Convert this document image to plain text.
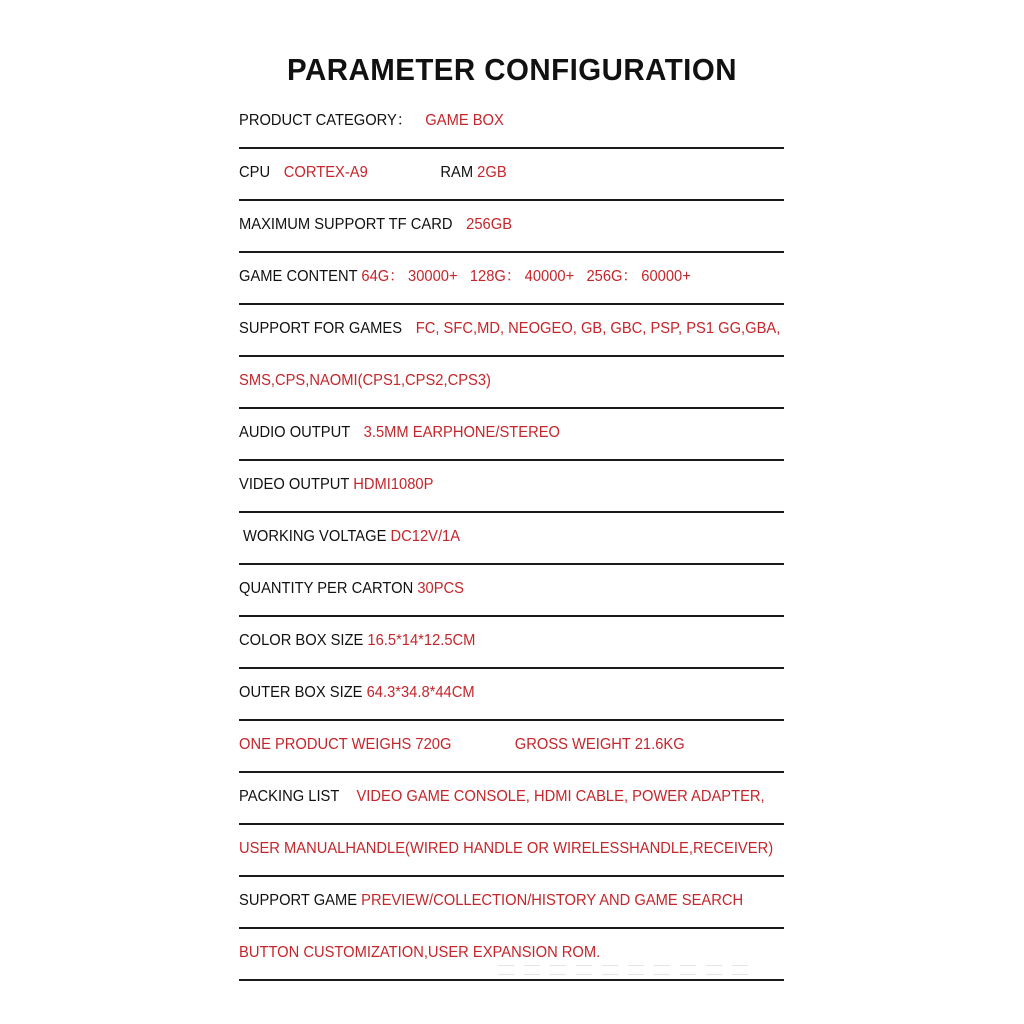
PARAMETER CONFIGURATION
PRODUCT CATEGORY： GAME BOX
CPU CORTEX-A9	RAM 2GB
MAXIMUM SUPPORT TF CARD 256GB
GAME CONTENT 64G： 30000+   128G： 40000+   256G： 60000+
SUPPORT FOR GAMES FC, SFC,MD, NEOGEO, GB, GBC, PSP, PS1 GG,GBA,
SMS,CPS,NAOMI(CPS1,CPS2,CPS3)
AUDIO OUTPUT 3.5MM EARPHONE/STEREO
VIDEO OUTPUT HDMI1080P
WORKING VOLTAGE DC12V/1A
QUANTITY PER CARTON 30PCS
COLOR BOX SIZE 16.5*14*12.5CM
OUTER BOX SIZE 64.3*34.8*44CM
ONE PRODUCT WEIGHS 720G	GROSS WEIGHT 21.6KG
PACKING LIST VIDEO GAME CONSOLE, HDMI CABLE, POWER ADAPTER,
USER MANUALHANDLE(WIRED HANDLE OR WIRELESSHANDLE,RECEIVER)
SUPPORT GAME PREVIEW/COLLECTION/HISTORY AND GAME SEARCH
BUTTON CUSTOMIZATION,USER EXPANSION ROM.
